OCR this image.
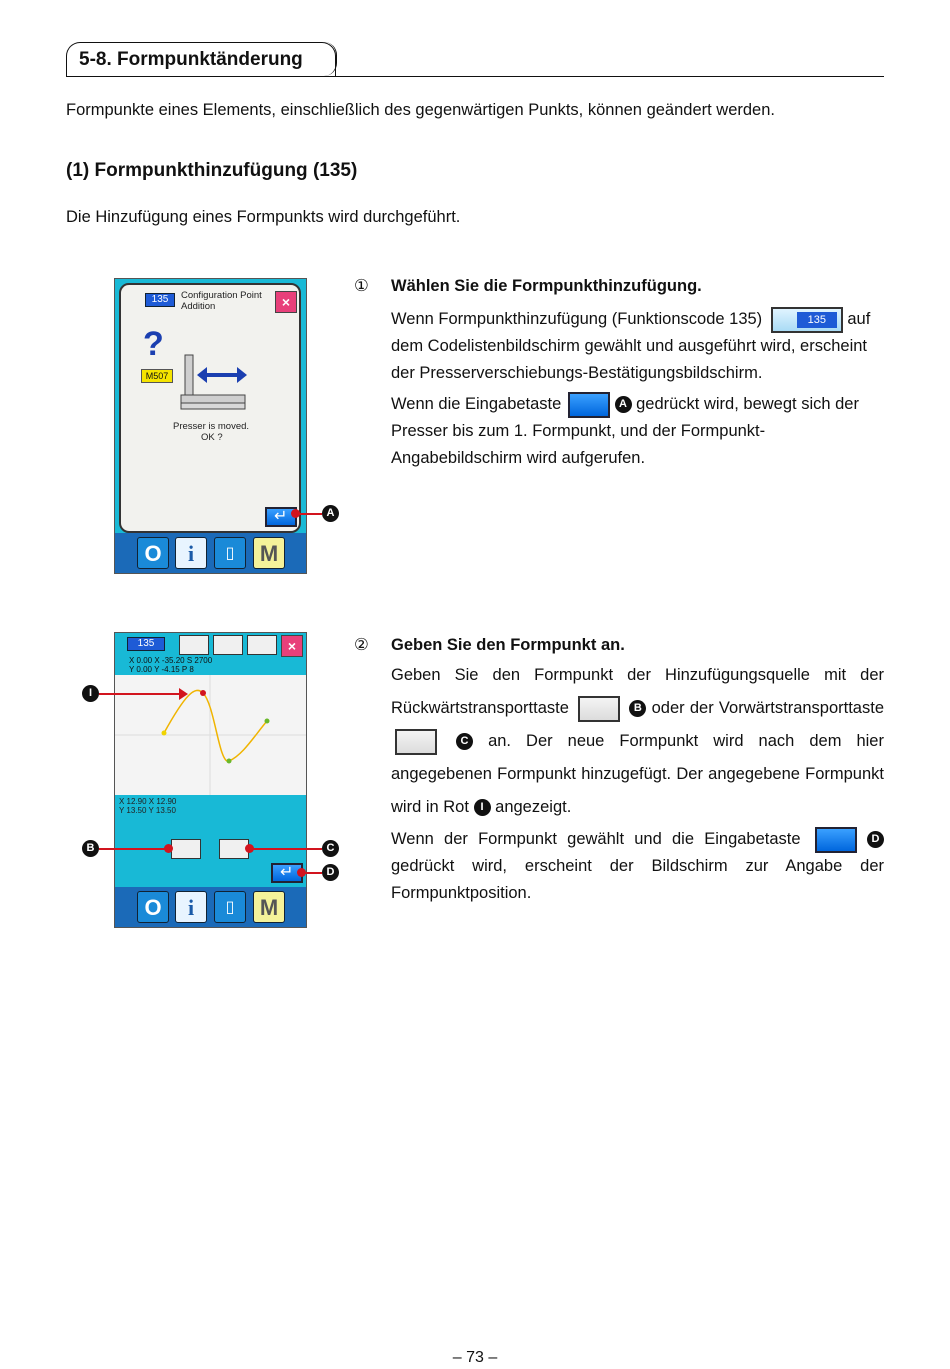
5-8. Formpunktänderung
Formpunkte eines Elements, einschließlich des gegenwärtigen Punkts, können geändert werden.
(1) Formpunkthinzufügung (135)
Die Hinzufügung eines Formpunkts wird durchgeführt.
135	Configuration Point
Addition	×
?
M507
Presser is moved.
OK ?
↵
O	i	▯	M
A
①	Wählen Sie die Formpunkthinzufügung.

Wenn Formpunkthinzufügung (Funktionscode 135)	135	auf dem Codelistenbildschirm gewählt und ausgeführt wird, erscheint der Presserverschiebungs-Bestätigungsbildschirm.

Wenn die Eingabetaste	A gedrückt wird, bewegt sich der Presser bis zum 1. Formpunkt, und der Formpunkt-Angabebildschirm wird aufgerufen.

135	×
X 0.00 X -35.20 S 2700
Y 0.00 Y -4.15 P 8
X 12.90 X 12.90
Y 13.50 Y 13.50
↵
O	i	▯	M
I
B	C
D
②	Geben Sie den Formpunkt an.

Geben Sie den Formpunkt der Hinzufügungsquelle mit der Rückwärtstransporttaste	B oder der Vorwärtstransporttaste  C an. Der neue Formpunkt wird nach dem hier angegebenen Formpunkt hinzugefügt. Der angegebene Formpunkt wird in Rot I angezeigt.

Wenn der Formpunkt gewählt und die Eingabetaste	D gedrückt wird, erscheint der Bildschirm zur Angabe der Formpunktposition.

– 73 –
